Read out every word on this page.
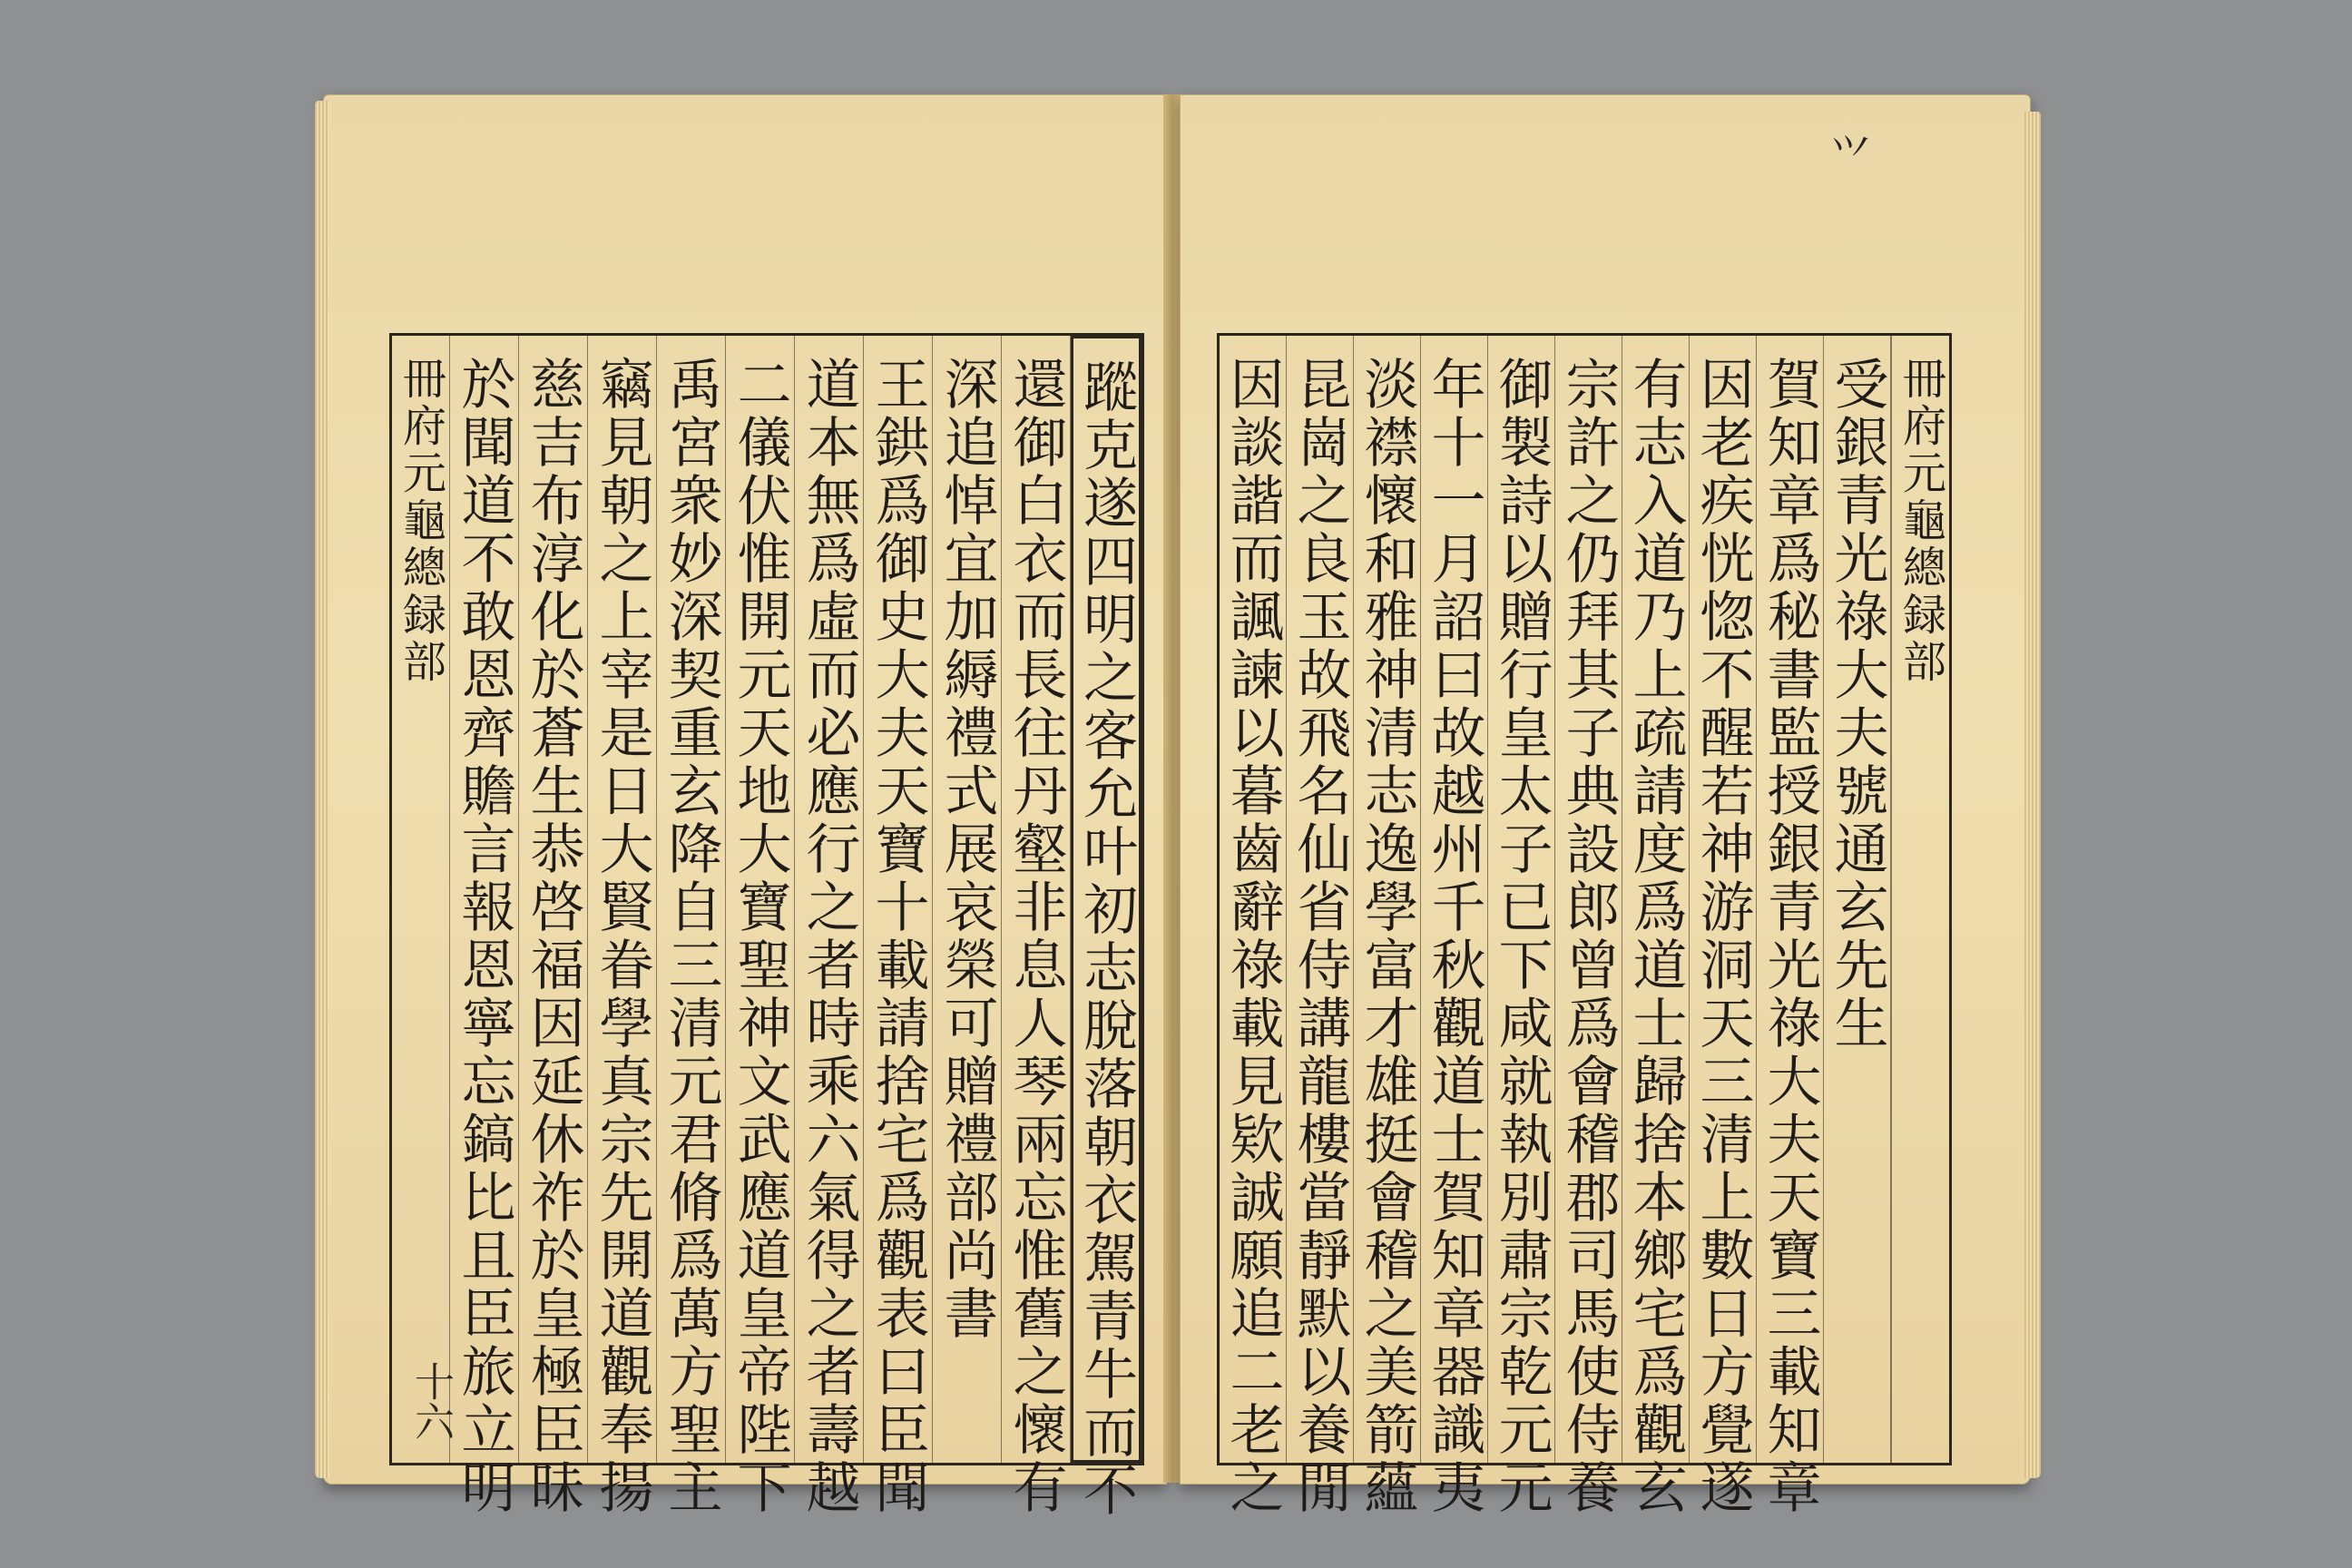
冊府元龜總録部
十六
於聞道不敢恩齊贍言報恩寧忘鎬比且臣旅立明 慈吉布淳化於蒼生恭啓福因延休祚於皇極臣昧 竊見朝之上宰是日大賢眷學真宗先開道觀奉揚 禹宮衆妙深契重玄降自三清元君脩爲萬方聖主 二儀伏惟開元天地大寶聖神文武應道皇帝陛下 道本無爲虛而必應行之者時乘六氣得之者壽越 王鉷爲御史大夫天寶十載請捨宅爲觀表曰臣聞 深追悼宜加縟禮式展哀榮可贈禮部尚書 還御白衣而長往丹壑非息人琴兩忘惟舊之懷有 蹤克遂四明之客允叶初志脫落朝衣駕青牛而不
⺍
因談諧而諷諫以暮齒辭祿載見欵誠願追二老之 昆崗之良玉故飛名仙省侍講龍樓當靜默以養閒 淡襟懷和雅神清志逸學富才雄挺會稽之美箭蘊 年十一月詔曰故越州千秋觀道士賀知章器識夷 御製詩以贈行皇太子已下咸就執別肅宗乾元元 宗許之仍拜其子典設郎曾爲會稽郡司馬使侍養 有志入道乃上疏請度爲道士歸捨本鄉宅爲觀玄 因老疾恍惚不醒若神游洞天三清上數日方覺遂 賀知章爲秘書監授銀青光祿大夫天寶三載知章 受銀青光祿大夫號通玄先生 冊府元龜總録部
